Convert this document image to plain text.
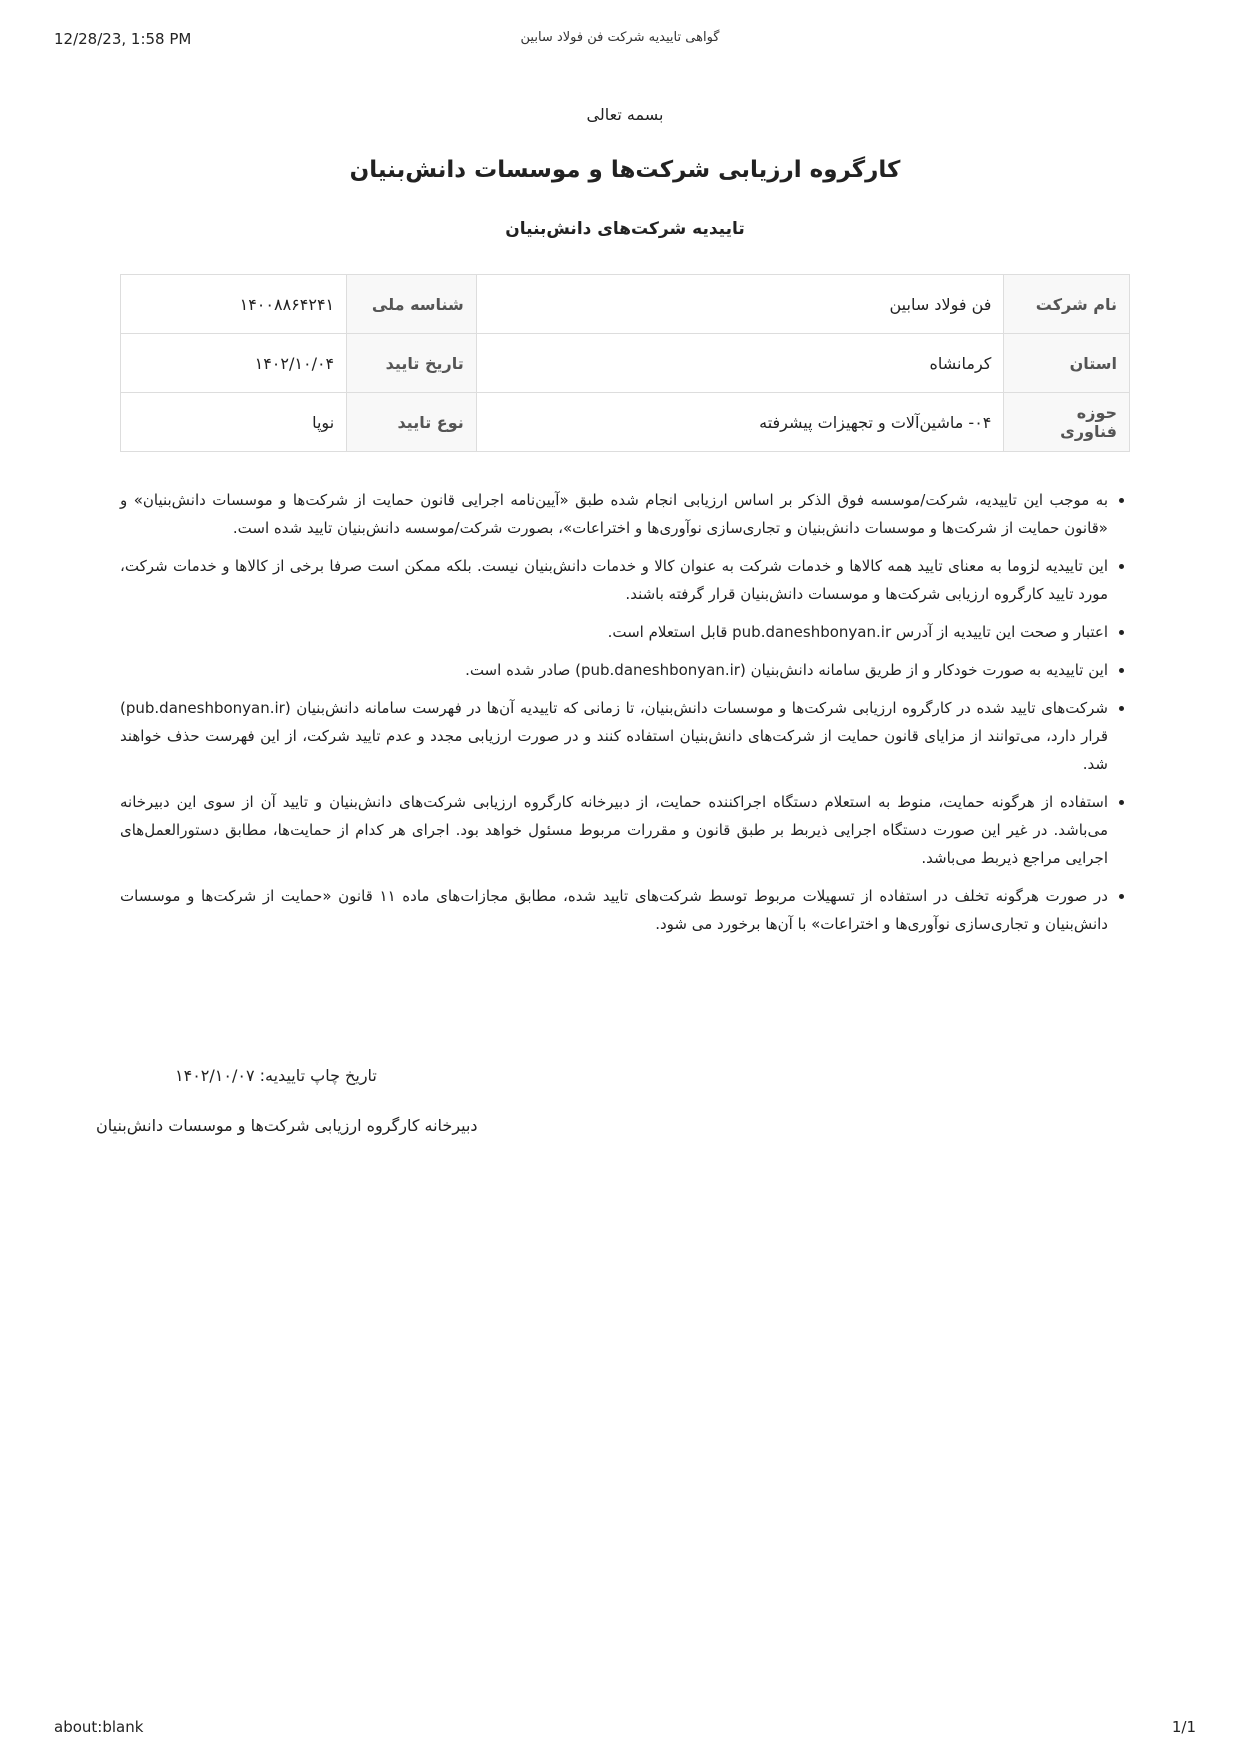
12/28/23, 1:58 PM	گواهی تاییدیه شرکت فن فولاد سابین

بسمه تعالی

کارگروه ارزیابی شرکت‌ها و موسسات دانش‌بنیان
تاییدیه شرکت‌های دانش‌بنیان
نام شرکت	فن فولاد سابین	شناسه ملی	۱۴۰۰۸۸۶۴۲۴۱
استان	کرمانشاه	تاریخ تایید	۱۴۰۲/۱۰/۰۴
حوزه فناوری	۰۴- ماشین‌آلات و تجهیزات پیشرفته	نوع تایید	نوپا
• به موجب این تاییدیه، شرکت/موسسه فوق الذکر بر اساس ارزیابی انجام شده طبق «آیین‌نامه اجرایی قانون حمایت از شرکت‌ها و موسسات دانش‌بنیان» و «قانون حمایت از شرکت‌ها و موسسات دانش‌بنیان و تجاری‌سازی نوآوری‌ها و اختراعات»، بصورت شرکت/موسسه دانش‌بنیان تایید شده است.
• این تاییدیه لزوما به معنای تایید همه کالاها و خدمات شرکت به عنوان کالا و خدمات دانش‌بنیان نیست. بلکه ممکن است صرفا برخی از کالاها و خدمات شرکت، مورد تایید کارگروه ارزیابی شرکت‌ها و موسسات دانش‌بنیان قرار گرفته باشند.
• اعتبار و صحت این تاییدیه از آدرس pub.daneshbonyan.ir قابل استعلام است.
• این تاییدیه به صورت خودکار و از طریق سامانه دانش‌بنیان (pub.daneshbonyan.ir) صادر شده است.
• شرکت‌های تایید شده در کارگروه ارزیابی شرکت‌ها و موسسات دانش‌بنیان، تا زمانی که تاییدیه آن‌ها در فهرست سامانه دانش‌بنیان (pub.daneshbonyan.ir) قرار دارد، می‌توانند از مزایای قانون حمایت از شرکت‌های دانش‌بنیان استفاده کنند و در صورت ارزیابی مجدد و عدم تایید شرکت، از این فهرست حذف خواهند شد.
• استفاده از هرگونه حمایت، منوط به استعلام دستگاه اجراکننده حمایت، از دبیرخانه کارگروه ارزیابی شرکت‌های دانش‌بنیان و تایید آن از سوی این دبیرخانه می‌باشد. در غیر این صورت دستگاه اجرایی ذیربط بر طبق قانون و مقررات مربوط مسئول خواهد بود. اجرای هر کدام از حمایت‌ها، مطابق دستورالعمل‌های اجرایی مراجع ذیربط می‌باشد.
• در صورت هرگونه تخلف در استفاده از تسهیلات مربوط توسط شرکت‌های تایید شده، مطابق مجازات‌های ماده ۱۱ قانون «حمایت از شرکت‌ها و موسسات دانش‌بنیان و تجاری‌سازی نوآوری‌ها و اختراعات» با آن‌ها برخورد می شود.
تاریخ چاپ تاییدیه: ۱۴۰۲/۱۰/۰۷
دبیرخانه کارگروه ارزیابی شرکت‌ها و موسسات دانش‌بنیان
about:blank	1/1
